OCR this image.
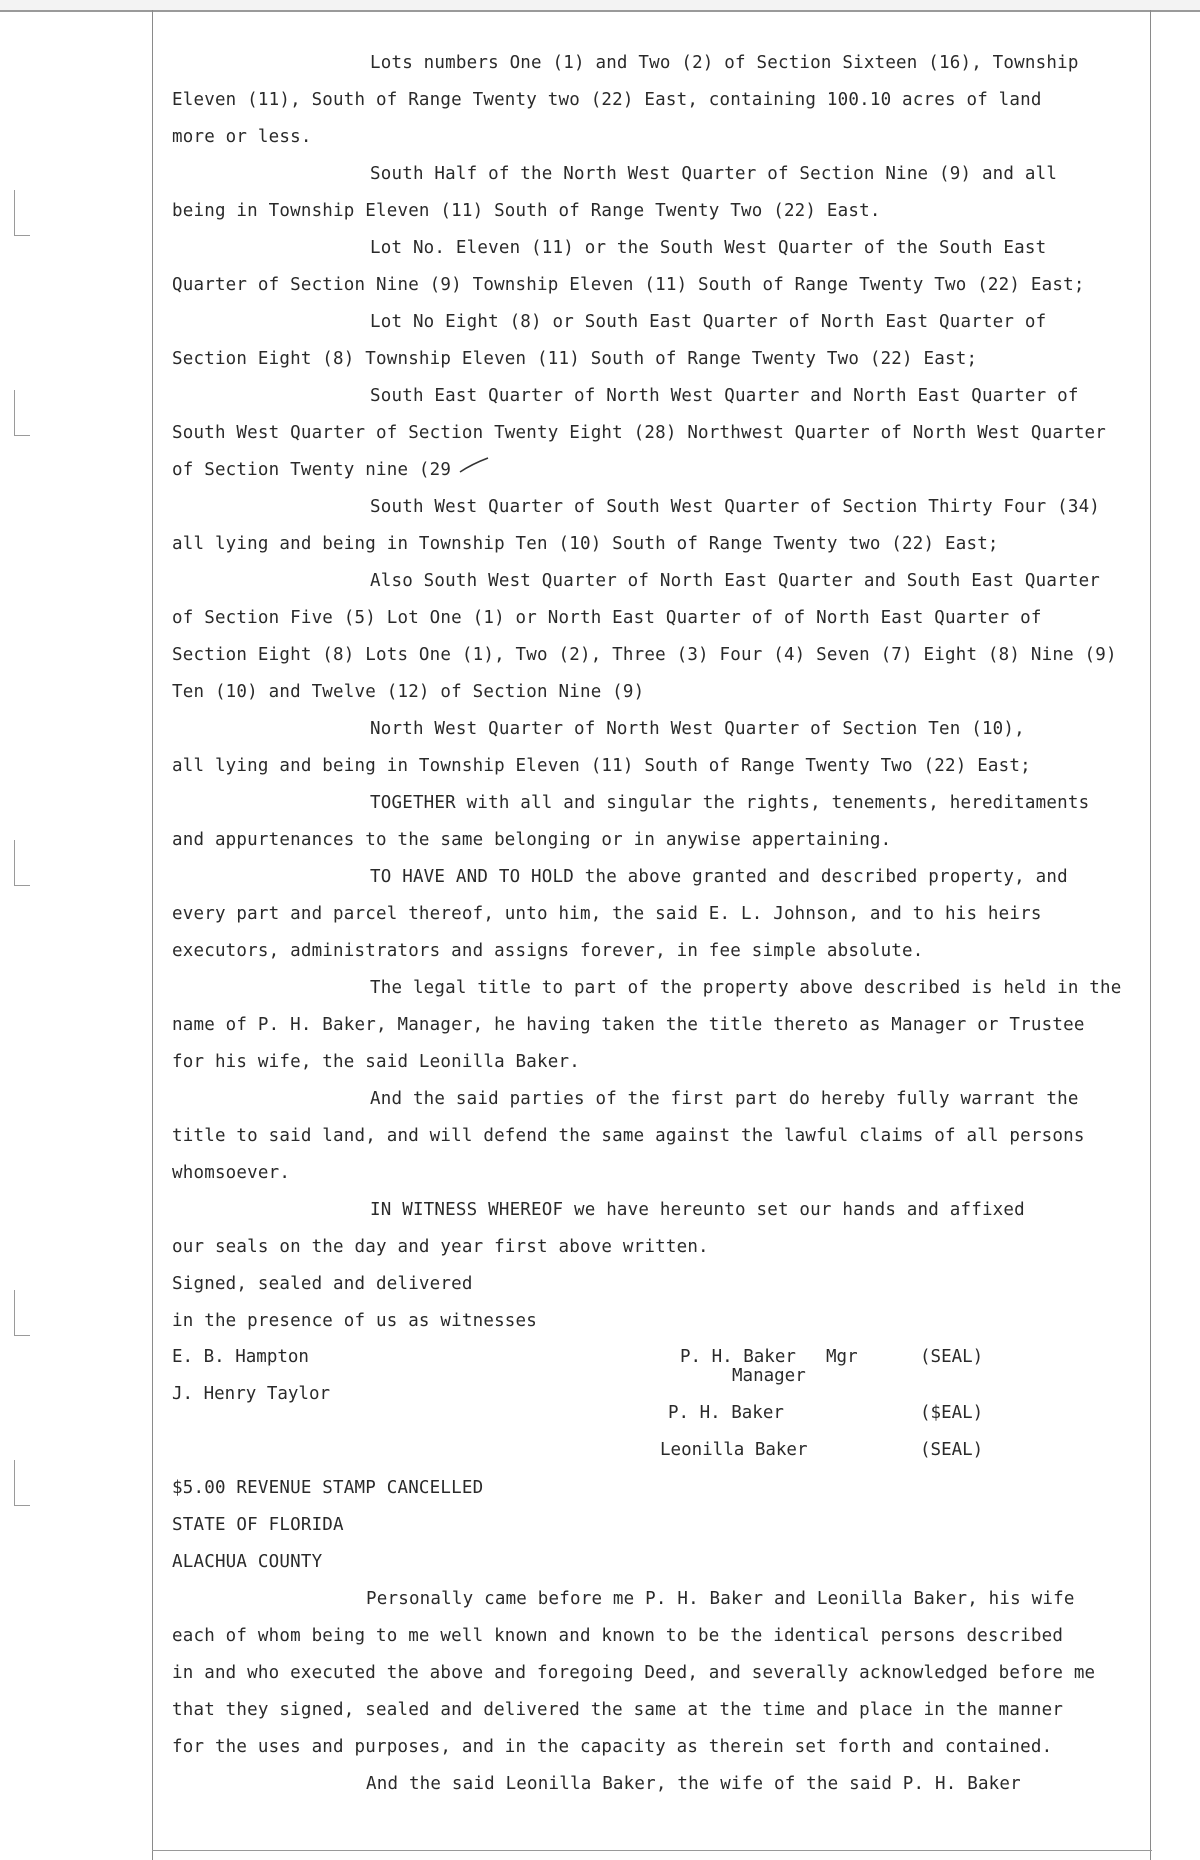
Lots numbers One (1) and Two (2) of Section Sixteen (16), Township
Eleven (11), South of Range Twenty two (22) East, containing 100.10 acres of land
more or less.
South Half of the North West Quarter of Section Nine (9) and all
being in Township Eleven (11) South of Range Twenty Two (22) East.
Lot No. Eleven (11) or the South West Quarter of the South East
Quarter of Section Nine (9) Township Eleven (11) South of Range Twenty Two (22) East;
Lot No Eight (8) or South East Quarter of North East Quarter of
Section Eight (8) Township Eleven (11) South of Range Twenty Two (22) East;
South East Quarter of North West Quarter and North East Quarter of
South West Quarter of Section Twenty Eight (28) Northwest Quarter of North West Quarter
of Section Twenty nine (29
South West Quarter of South West Quarter of Section Thirty Four (34)
all lying and being in Township Ten (10) South of Range Twenty two (22) East;
Also South West Quarter of North East Quarter and South East Quarter
of Section Five (5) Lot One (1) or North East Quarter of of North East Quarter of
Section Eight (8) Lots One (1), Two (2), Three (3) Four (4) Seven (7) Eight (8) Nine (9)
Ten (10) and Twelve (12) of Section Nine (9)
North West Quarter of North West Quarter of Section Ten (10),
all lying and being in Township Eleven (11) South of Range Twenty Two (22) East;
TOGETHER with all and singular the rights, tenements, hereditaments
and appurtenances to the same belonging or in anywise appertaining.
TO HAVE AND TO HOLD the above granted and described property, and
every part and parcel thereof, unto him, the said E. L. Johnson, and to his heirs
executors, administrators and assigns forever, in fee simple absolute.
The legal title to part of the property above described is held in the
name of P. H. Baker, Manager, he having taken the title thereto as Manager or Trustee
for his wife, the said Leonilla Baker.
And the said parties of the first part do hereby fully warrant the
title to said land, and will defend the same against the lawful claims of all persons
whomsoever.
IN WITNESS WHEREOF we have hereunto set our hands and affixed
our seals on the day and year first above written.
Signed, sealed and delivered
in the presence of us as witnesses
E. B. Hampton
J. Henry Taylor
P. H. Baker Mgr
Manager
(SEAL)
P. H. Baker	($EAL)
Leonilla Baker	(SEAL)
$5.00 REVENUE STAMP CANCELLED
STATE OF FLORIDA
ALACHUA COUNTY
Personally came before me P. H. Baker and Leonilla Baker, his wife
each of whom being to me well known and known to be the identical persons described
in and who executed the above and foregoing Deed, and severally acknowledged before me
that they signed, sealed and delivered the same at the time and place in the manner
for the uses and purposes, and in the capacity as therein set forth and contained.
And the said Leonilla Baker, the wife of the said P. H. Baker
